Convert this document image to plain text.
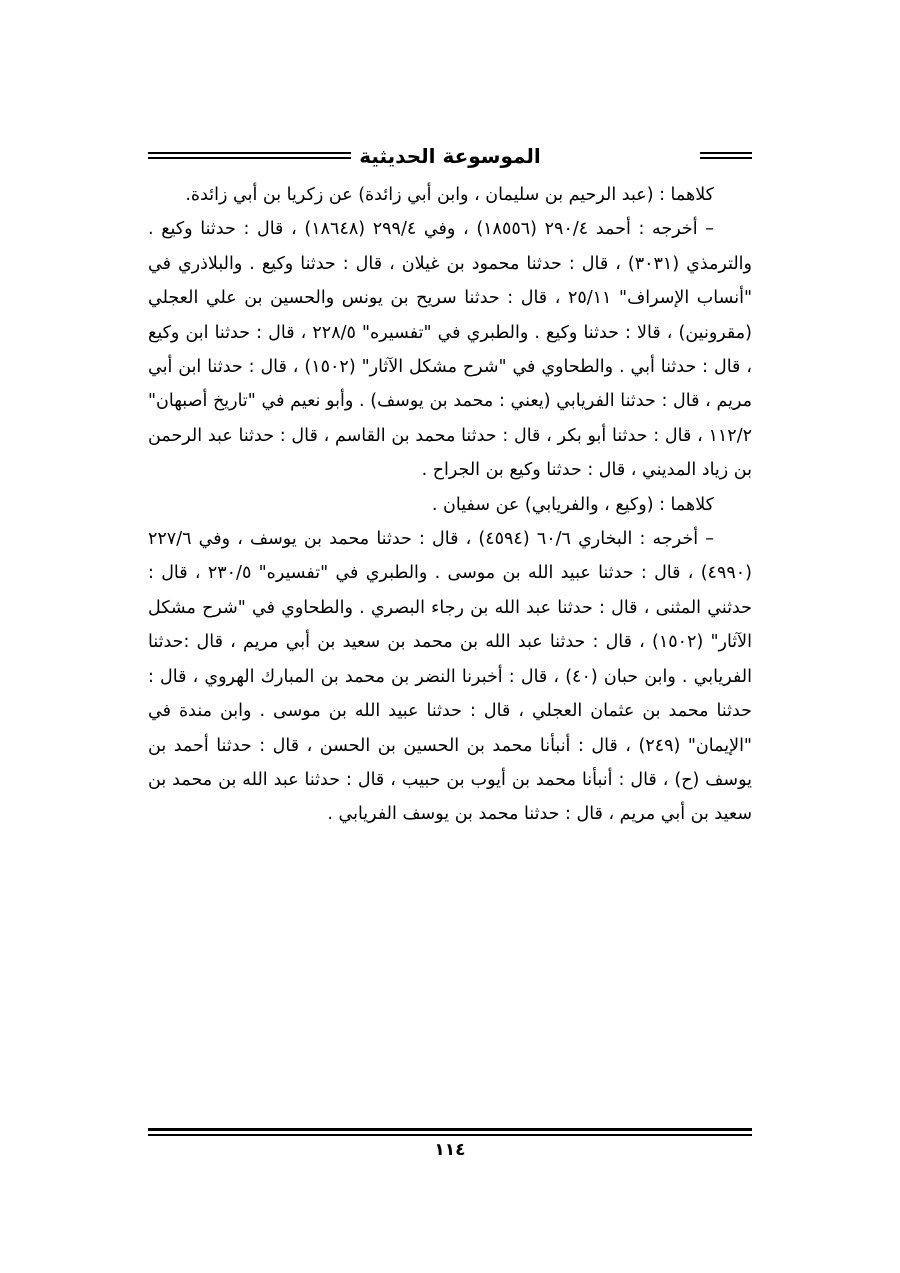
الموسوعة الحديثية

كلاهما : (عبد الرحيم بن سليمان ، وابن أبي زائدة) عن زكريا بن أبي زائدة.

– أخرجه : أحمد ٢٩٠/٤ (١٨٥٥٦) ، وفي ٢٩٩/٤ (١٨٦٤٨) ، قال : حدثنا وكيع . والترمذي (٣٠٣١) ، قال : حدثنا محمود بن غيلان ، قال : حدثنا وكيع . والبلاذري في "أنساب الإسراف" ٢٥/١١ ، قال : حدثنا سريح بن يونس والحسين بن علي العجلي (مقرونين) ، قالا : حدثنا وكيع . والطبري في "تفسيره" ٢٢٨/٥ ، قال : حدثنا ابن وكيع ، قال : حدثنا أبي . والطحاوي في "شرح مشكل الآثار" (١٥٠٢) ، قال : حدثنا ابن أبي مريم ، قال : حدثنا الفريابي (يعني : محمد بن يوسف) . وأبو نعيم في "تاريخ أصبهان" ١١٢/٢ ، قال : حدثنا أبو بكر ، قال : حدثنا محمد بن القاسم ، قال : حدثنا عبد الرحمن بن زياد المديني ، قال : حدثنا وكيع بن الجراح .

كلاهما : (وكيع ، والفريابي) عن سفيان .

– أخرجه : البخاري ٦٠/٦ (٤٥٩٤) ، قال : حدثنا محمد بن يوسف ، وفي ٢٢٧/٦ (٤٩٩٠) ، قال : حدثنا عبيد الله بن موسى . والطبري في "تفسيره" ٢٣٠/٥ ، قال : حدثني المثنى ، قال : حدثنا عبد الله بن رجاء البصري . والطحاوي في "شرح مشكل الآثار" (١٥٠٢) ، قال : حدثنا عبد الله بن محمد بن سعيد بن أبي مريم ، قال :حدثنا الفريابي . وابن حبان (٤٠) ، قال : أخبرنا النضر بن محمد بن المبارك الهروي ، قال : حدثنا محمد بن عثمان العجلي ، قال : حدثنا عبيد الله بن موسى . وابن مندة في "الإيمان" (٢٤٩) ، قال : أنبأنا محمد بن الحسين بن الحسن ، قال : حدثنا أحمد بن يوسف (ح) ، قال : أنبأنا محمد بن أيوب بن حبيب ، قال : حدثنا عبد الله بن محمد بن سعيد بن أبي مريم ، قال : حدثنا محمد بن يوسف الفريابي .

١١٤
